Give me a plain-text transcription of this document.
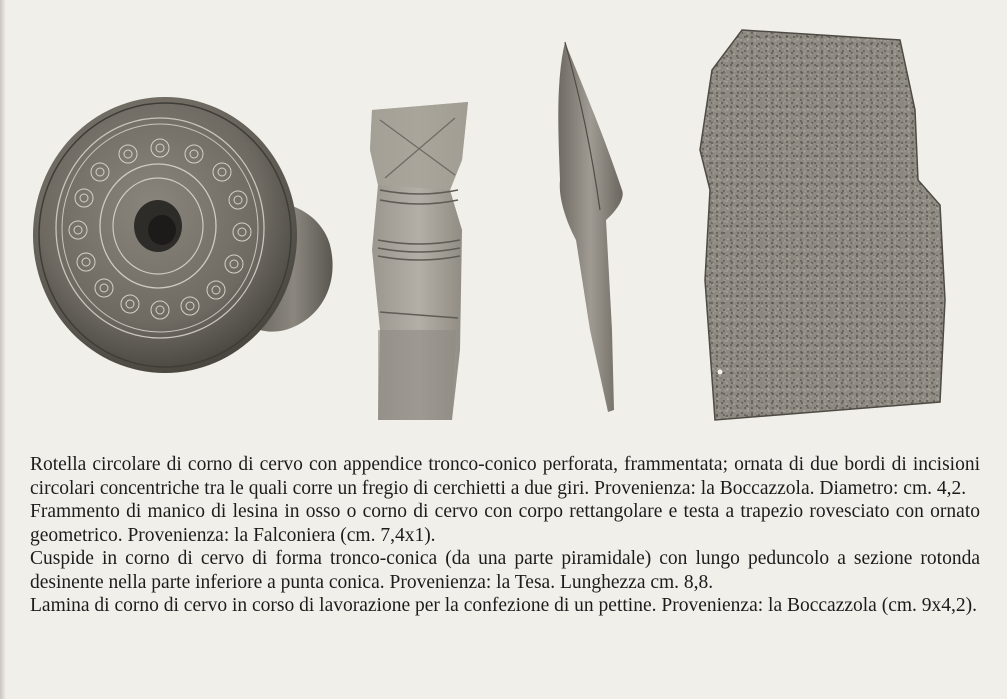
Rotella circolare di corno di cervo con appendice tronco-conico perforata, frammentata; ornata di due bordi di incisioni circolari concentriche tra le quali corre un fregio di cerchietti a due giri. Provenienza: la Boccazzola. Diametro: cm. 4,2.

Frammento di manico di lesina in osso o corno di cervo con corpo rettangolare e testa a trapezio rovesciato con ornato geometrico. Provenienza: la Falconiera (cm. 7,4x1).

Cuspide in corno di cervo di forma tronco-conica (da una parte piramidale) con lungo peduncolo a sezione rotonda desinente nella parte inferiore a punta conica. Provenienza: la Tesa. Lunghezza cm. 8,8.

Lamina di corno di cervo in corso di lavorazione per la confezione di un pettine. Provenienza: la Boccazzola (cm. 9x4,2).
